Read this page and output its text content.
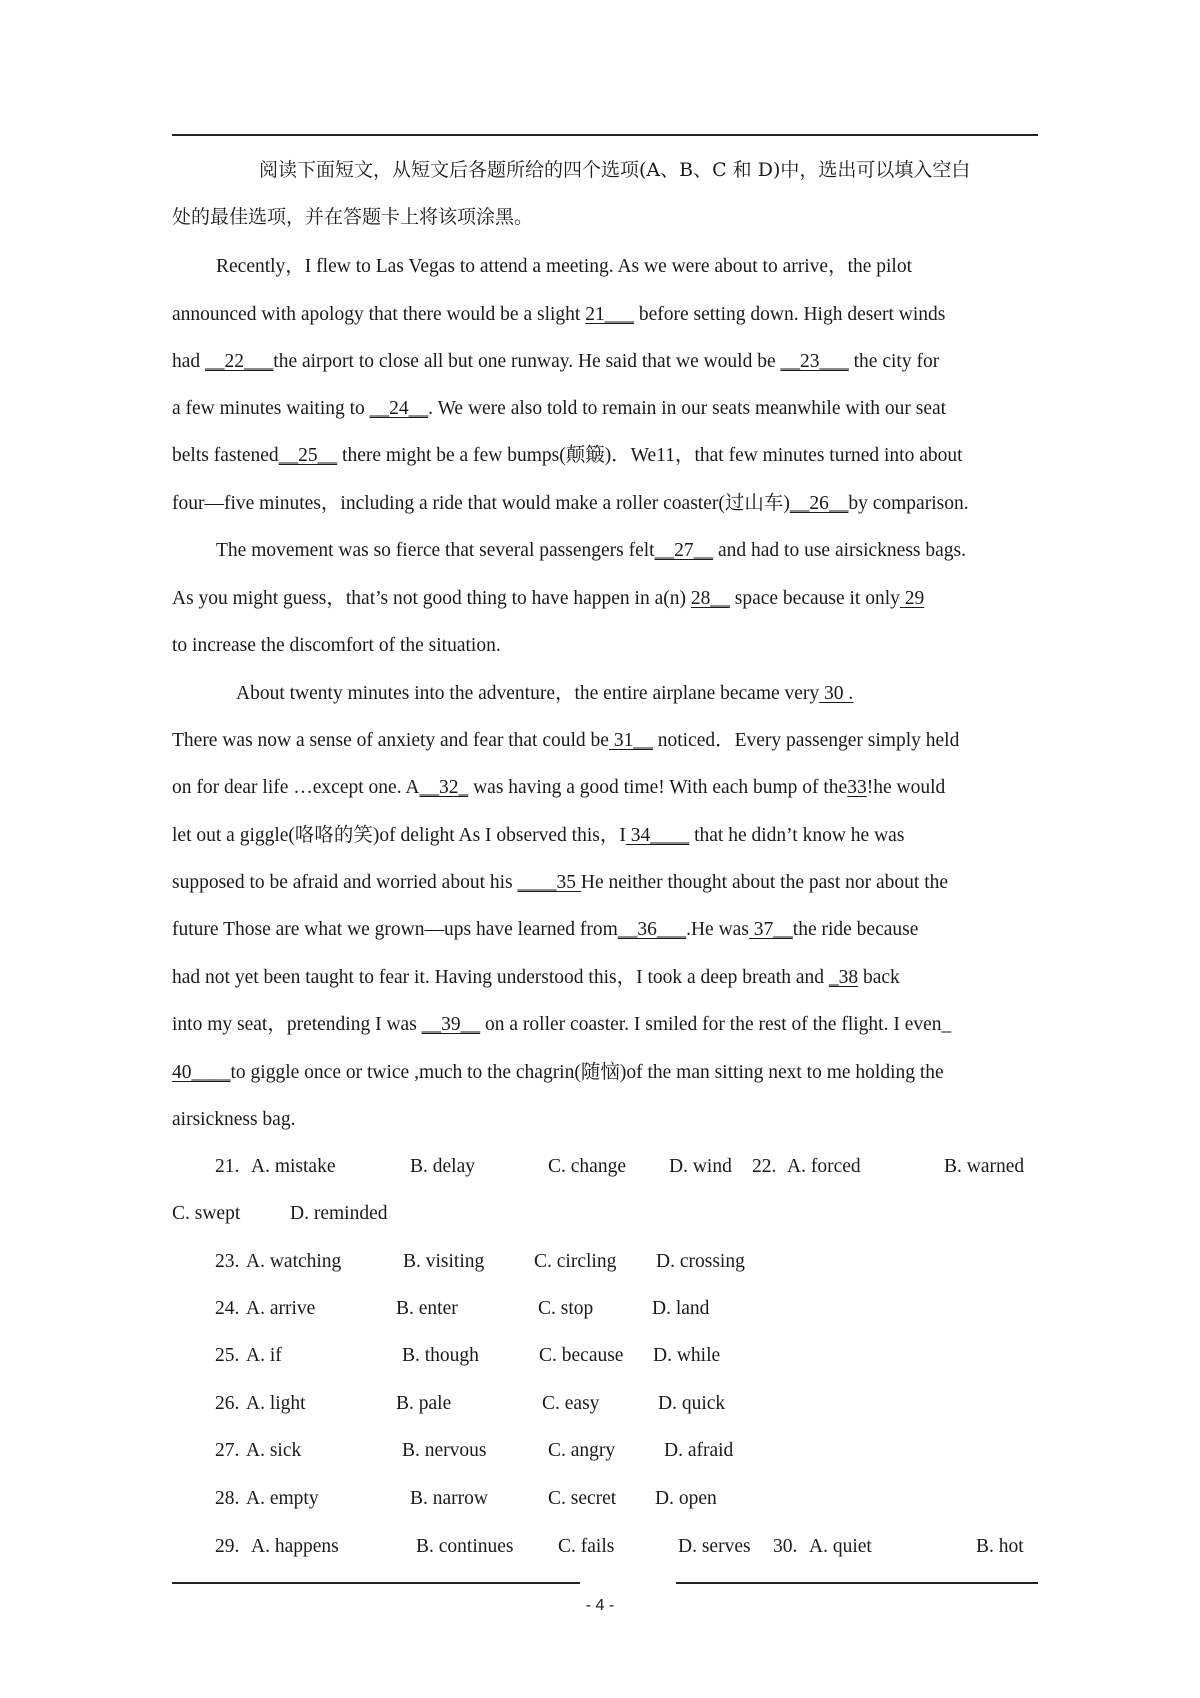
阅读下面短文，从短文后各题所给的四个选项(A、B、C 和 D)中，选出可以填入空白
处的最佳选项，并在答题卡上将该项涂黑。
Recently，I flew to Las Vegas to attend a meeting. As we were about to arrive，the pilot
announced with apology that there would be a slight 21___ before setting down. High desert winds
had __22___the airport to close all but one runway. He said that we would be __23___ the city for
a few minutes waiting to __24__. We were also told to remain in our seats meanwhile with our seat
belts fastened__25__ there might be a few bumps(颠簸)．We11，that few minutes turned into about
four—five minutes，including a ride that would make a roller coaster(过山车)__26__by comparison.
The movement was so fierce that several passengers felt__27__ and had to use airsickness bags.
As you might guess，that’s not good thing to have happen in a(n) 28__ space because it only 29
to increase the discomfort of the situation.
About twenty minutes into the adventure，the entire airplane became very 30 .
There was now a sense of anxiety and fear that could be 31__ noticed．Every passenger simply held
on for dear life …except one. A__32_ was having a good time! With each bump of the33!he would
let out a giggle(咯咯的笑)of delight As I observed this，I 34____ that he didn’t know he was
supposed to be afraid and worried about his ____35 He neither thought about the past nor about the
future Those are what we grown—ups have learned from__36___.He was 37__the ride because
had not yet been taught to fear it. Having understood this，I took a deep breath and _38 back
into my seat，pretending I was __39__ on a roller coaster. I smiled for the rest of the flight. I even_
40____to giggle once or twice ,much to the chagrin(随恼)of the man sitting next to me holding the
airsickness bag.
21. A. mistake	B. delay	C. change D. wind 22. A. forced	B. warned
C. swept	D. reminded
23. A. watching	B. visiting	C. circling D. crossing
24. A. arrive	B. enter	C. stop	D. land
25. A. if	B. though	C. because D. while
26. A. light	B. pale	C. easy	D. quick
27. A. sick	B. nervous	C. angry	D. afraid
28. A. empty	B. narrow	C. secret D. open
29. A. happens	B. continues C. fails	D. serves 30. A. quiet	B. hot
- 4 -
